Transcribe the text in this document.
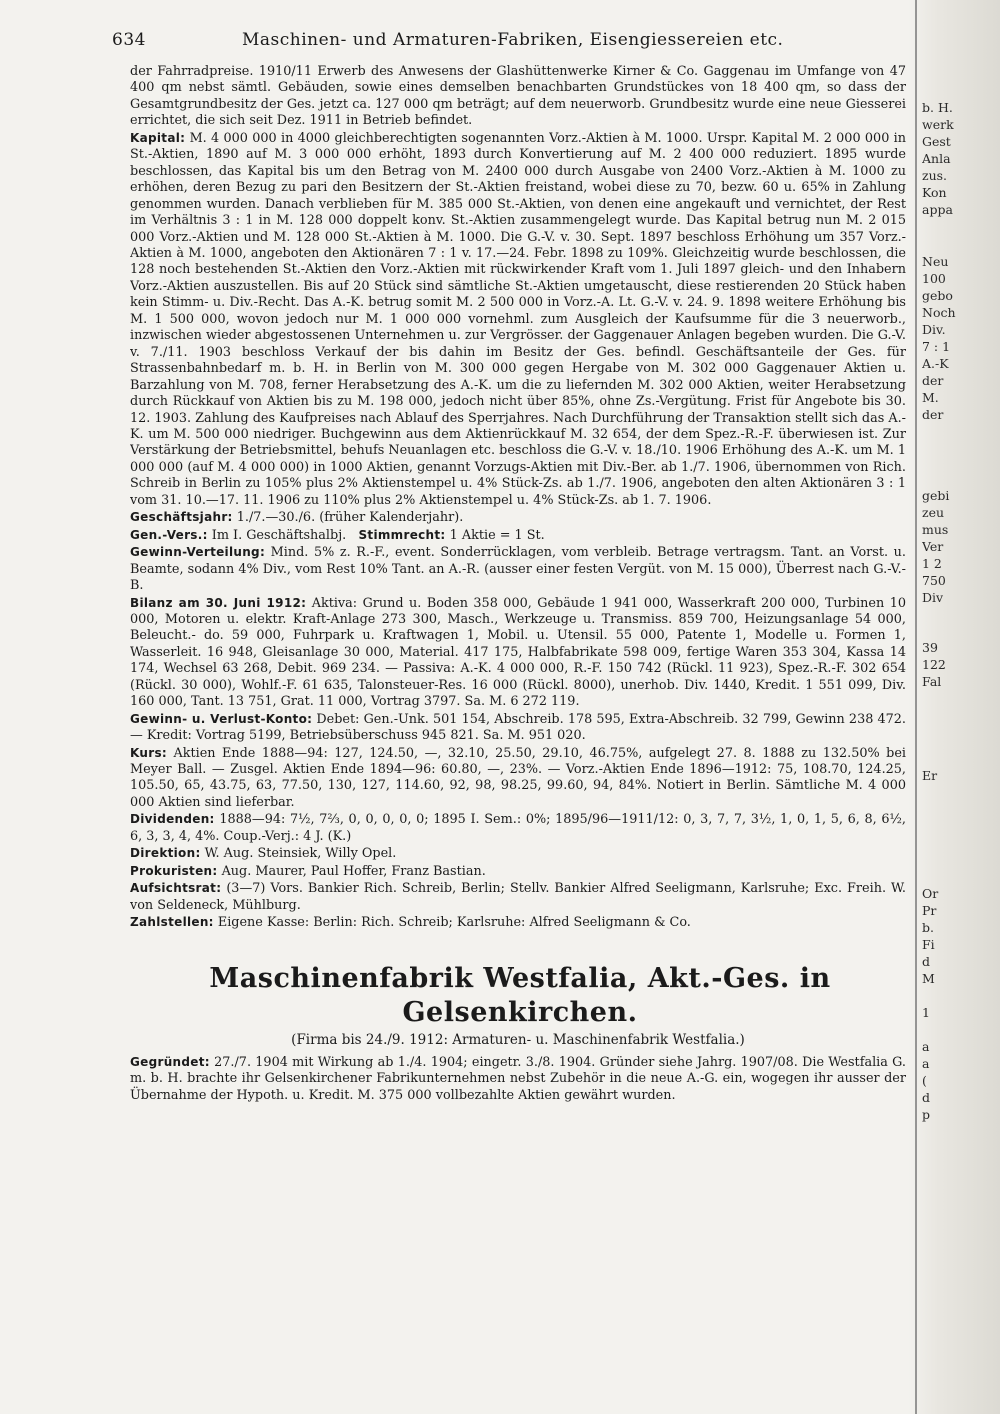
634	Maschinen- und Armaturen-Fabriken, Eisengiessereien etc.

der Fahrradpreise. 1910/11 Erwerb des Anwesens der Glashüttenwerke Kirner & Co. Gaggenau im Umfange von 47 400 qm nebst sämtl. Gebäuden, sowie eines demselben benachbarten Grundstückes von 18 400 qm, so dass der Gesamtgrundbesitz der Ges. jetzt ca. 127 000 qm beträgt; auf dem neuerworb. Grundbesitz wurde eine neue Giesserei errichtet, die sich seit Dez. 1911 in Betrieb befindet.

Kapital: M. 4 000 000 in 4000 gleichberechtigten sogenannten Vorz.-Aktien à M. 1000. Urspr. Kapital M. 2 000 000 in St.-Aktien, 1890 auf M. 3 000 000 erhöht, 1893 durch Konvertierung auf M. 2 400 000 reduziert. 1895 wurde beschlossen, das Kapital bis um den Betrag von M. 2400 000 durch Ausgabe von 2400 Vorz.-Aktien à M. 1000 zu erhöhen, deren Bezug zu pari den Besitzern der St.-Aktien freistand, wobei diese zu 70, bezw. 60 u. 65% in Zahlung genommen wurden. Danach verblieben für M. 385 000 St.-Aktien, von denen eine angekauft und vernichtet, der Rest im Verhältnis 3 : 1 in M. 128 000 doppelt konv. St.-Aktien zusammengelegt wurde. Das Kapital betrug nun M. 2 015 000 Vorz.-Aktien und M. 128 000 St.-Aktien à M. 1000. Die G.-V. v. 30. Sept. 1897 beschloss Erhöhung um 357 Vorz.-Aktien à M. 1000, angeboten den Aktionären 7 : 1 v. 17.—24. Febr. 1898 zu 109%. Gleichzeitig wurde beschlossen, die 128 noch bestehenden St.-Aktien den Vorz.-Aktien mit rückwirkender Kraft vom 1. Juli 1897 gleich- und den Inhabern Vorz.-Aktien auszustellen. Bis auf 20 Stück sind sämtliche St.-Aktien umgetauscht, diese restierenden 20 Stück haben kein Stimm- u. Div.-Recht. Das A.-K. betrug somit M. 2 500 000 in Vorz.-A. Lt. G.-V. v. 24. 9. 1898 weitere Erhöhung bis M. 1 500 000, wovon jedoch nur M. 1 000 000 vornehml. zum Ausgleich der Kaufsumme für die 3 neuerworb., inzwischen wieder abgestossenen Unternehmen u. zur Vergrösser. der Gaggenauer Anlagen begeben wurden. Die G.-V. v. 7./11. 1903 beschloss Verkauf der bis dahin im Besitz der Ges. befindl. Geschäftsanteile der Ges. für Strassenbahnbedarf m. b. H. in Berlin von M. 300 000 gegen Hergabe von M. 302 000 Gaggenauer Aktien u. Barzahlung von M. 708, ferner Herabsetzung des A.-K. um die zu liefernden M. 302 000 Aktien, weiter Herabsetzung durch Rückkauf von Aktien bis zu M. 198 000, jedoch nicht über 85%, ohne Zs.-Vergütung. Frist für Angebote bis 30. 12. 1903. Zahlung des Kaufpreises nach Ablauf des Sperrjahres. Nach Durchführung der Transaktion stellt sich das A.-K. um M. 500 000 niedriger. Buchgewinn aus dem Aktienrückkauf M. 32 654, der dem Spez.-R.-F. überwiesen ist. Zur Verstärkung der Betriebsmittel, behufs Neuanlagen etc. beschloss die G.-V. v. 18./10. 1906 Erhöhung des A.-K. um M. 1 000 000 (auf M. 4 000 000) in 1000 Aktien, genannt Vorzugs-Aktien mit Div.-Ber. ab 1./7. 1906, übernommen von Rich. Schreib in Berlin zu 105% plus 2% Aktienstempel u. 4% Stück-Zs. ab 1./7. 1906, angeboten den alten Aktionären 3 : 1 vom 31. 10.—17. 11. 1906 zu 110% plus 2% Aktienstempel u. 4% Stück-Zs. ab 1. 7. 1906.

Geschäftsjahr: 1./7.—30./6. (früher Kalenderjahr).

Gen.-Vers.: Im I. Geschäftshalbj. Stimmrecht: 1 Aktie = 1 St.

Gewinn-Verteilung: Mind. 5% z. R.-F., event. Sonderrücklagen, vom verbleib. Betrage vertragsm. Tant. an Vorst. u. Beamte, sodann 4% Div., vom Rest 10% Tant. an A.-R. (ausser einer festen Vergüt. von M. 15 000), Überrest nach G.-V.-B.

Bilanz am 30. Juni 1912: Aktiva: Grund u. Boden 358 000, Gebäude 1 941 000, Wasserkraft 200 000, Turbinen 10 000, Motoren u. elektr. Kraft-Anlage 273 300, Masch., Werkzeuge u. Transmiss. 859 700, Heizungsanlage 54 000, Beleucht.- do. 59 000, Fuhrpark u. Kraftwagen 1, Mobil. u. Utensil. 55 000, Patente 1, Modelle u. Formen 1, Wasserleit. 16 948, Gleisanlage 30 000, Material. 417 175, Halbfabrikate 598 009, fertige Waren 353 304, Kassa 14 174, Wechsel 63 268, Debit. 969 234. — Passiva: A.-K. 4 000 000, R.-F. 150 742 (Rückl. 11 923), Spez.-R.-F. 302 654 (Rückl. 30 000), Wohlf.-F. 61 635, Talonsteuer-Res. 16 000 (Rückl. 8000), unerhob. Div. 1440, Kredit. 1 551 099, Div. 160 000, Tant. 13 751, Grat. 11 000, Vortrag 3797. Sa. M. 6 272 119.

Gewinn- u. Verlust-Konto: Debet: Gen.-Unk. 501 154, Abschreib. 178 595, Extra-Abschreib. 32 799, Gewinn 238 472. — Kredit: Vortrag 5199, Betriebsüberschuss 945 821. Sa. M. 951 020.

Kurs: Aktien Ende 1888—94: 127, 124.50, —, 32.10, 25.50, 29.10, 46.75%, aufgelegt 27. 8. 1888 zu 132.50% bei Meyer Ball. — Zusgel. Aktien Ende 1894—96: 60.80, —, 23%. — Vorz.-Aktien Ende 1896—1912: 75, 108.70, 124.25, 105.50, 65, 43.75, 63, 77.50, 130, 127, 114.60, 92, 98, 98.25, 99.60, 94, 84%. Notiert in Berlin. Sämtliche M. 4 000 000 Aktien sind lieferbar.

Dividenden: 1888—94: 7½, 7⅔, 0, 0, 0, 0, 0; 1895 I. Sem.: 0%; 1895/96—1911/12: 0, 3, 7, 7, 3½, 1, 0, 1, 5, 6, 8, 6½, 6, 3, 3, 4, 4%. Coup.-Verj.: 4 J. (K.)

Direktion: W. Aug. Steinsiek, Willy Opel.

Prokuristen: Aug. Maurer, Paul Hoffer, Franz Bastian.

Aufsichtsrat: (3—7) Vors. Bankier Rich. Schreib, Berlin; Stellv. Bankier Alfred Seeligmann, Karlsruhe; Exc. Freih. W. von Seldeneck, Mühlburg.

Zahlstellen: Eigene Kasse: Berlin: Rich. Schreib; Karlsruhe: Alfred Seeligmann & Co.

Maschinenfabrik Westfalia, Akt.-Ges. in Gelsenkirchen.
(Firma bis 24./9. 1912: Armaturen- u. Maschinenfabrik Westfalia.)

Gegründet: 27./7. 1904 mit Wirkung ab 1./4. 1904; eingetr. 3./8. 1904. Gründer siehe Jahrg. 1907/08. Die Westfalia G. m. b. H. brachte ihr Gelsenkirchener Fabrikunternehmen nebst Zubehör in die neue A.-G. ein, wogegen ihr ausser der Übernahme der Hypoth. u. Kredit. M. 375 000 vollbezahlte Aktien gewährt wurden.

b. H.
werk
Gest
Anla
zus.
Kon
appa
Neu
100
gebo
Noch
Div.
7 : 1
A.-K
der
M.
der
gebi
zeu
mus
Ver
1 2
750
Div
39
122
Fal
Er
Or
Pr
b.
Fi
d
M
1
a
a
(
d
p
